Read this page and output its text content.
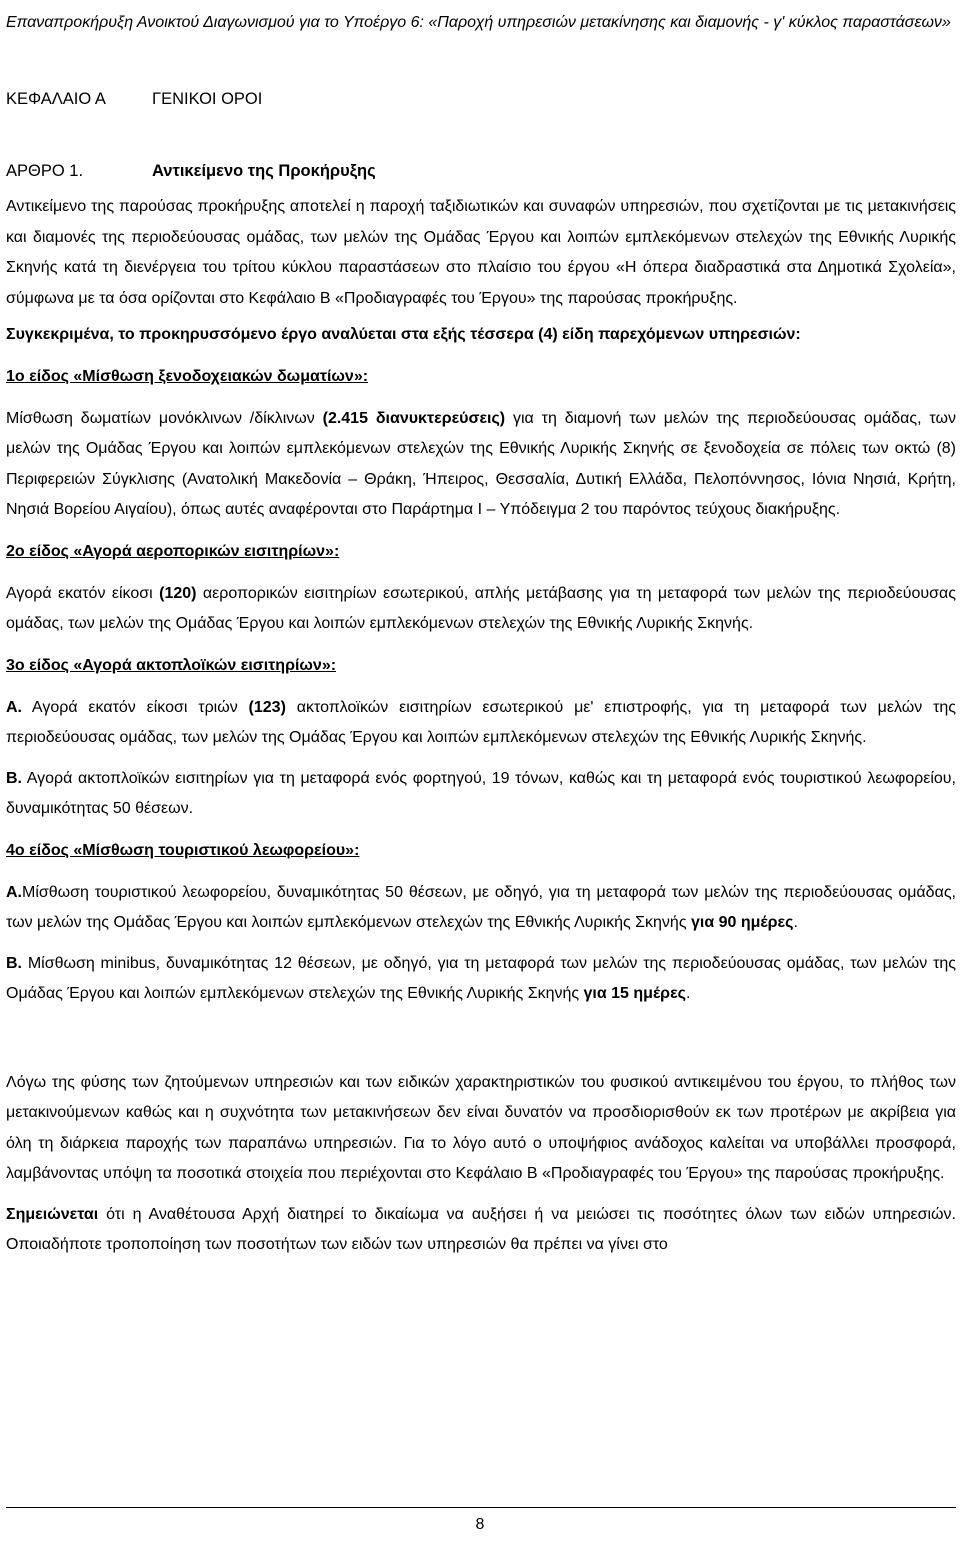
Επαναπροκήρυξη Ανοικτού Διαγωνισμού για το Υποέργο 6: «Παροχή υπηρεσιών μετακίνησης και διαμονής - γ' κύκλος παραστάσεων»
ΚΕΦΑΛΑΙΟ Α	ΓΕΝΙΚΟΙ ΟΡΟΙ
ΑΡΘΡΟ 1.	Αντικείμενο της Προκήρυξης

Αντικείμενο της παρούσας προκήρυξης αποτελεί η παροχή ταξιδιωτικών και συναφών υπηρεσιών, που σχετίζονται με τις μετακινήσεις και διαμονές της περιοδεύουσας ομάδας, των μελών της Ομάδας Έργου και λοιπών εμπλεκόμενων στελεχών της Εθνικής Λυρικής Σκηνής κατά τη διενέργεια του τρίτου κύκλου παραστάσεων στο πλαίσιο του έργου «Η όπερα διαδραστικά στα Δημοτικά Σχολεία», σύμφωνα με τα όσα ορίζονται στο Κεφάλαιο Β «Προδιαγραφές του Έργου» της παρούσας προκήρυξης.

Συγκεκριμένα, το προκηρυσσόμενο έργο αναλύεται στα εξής τέσσερα (4) είδη παρεχόμενων υπηρεσιών:

1ο είδος «Μίσθωση ξενοδοχειακών δωματίων»:

Μίσθωση δωματίων μονόκλινων /δίκλινων (2.415 διανυκτερεύσεις) για τη διαμονή των μελών της περιοδεύουσας ομάδας, των μελών της Ομάδας Έργου και λοιπών εμπλεκόμενων στελεχών της Εθνικής Λυρικής Σκηνής σε ξενοδοχεία σε πόλεις των οκτώ (8) Περιφερειών Σύγκλισης (Ανατολική Μακεδονία – Θράκη, Ήπειρος, Θεσσαλία, Δυτική Ελλάδα, Πελοπόννησος, Ιόνια Νησιά, Κρήτη, Νησιά Βορείου Αιγαίου), όπως αυτές αναφέρονται στο Παράρτημα Ι – Υπόδειγμα 2 του παρόντος τεύχους διακήρυξης.

2ο είδος «Αγορά αεροπορικών εισιτηρίων»:

Αγορά εκατόν είκοσι (120) αεροπορικών εισιτηρίων εσωτερικού, απλής μετάβασης για τη μεταφορά των μελών της περιοδεύουσας ομάδας, των μελών της Ομάδας Έργου και λοιπών εμπλεκόμενων στελεχών της Εθνικής Λυρικής Σκηνής.

3ο είδος «Αγορά ακτοπλοϊκών εισιτηρίων»:

Α. Αγορά εκατόν είκοσι τριών (123) ακτοπλοϊκών εισιτηρίων εσωτερικού με' επιστροφής, για τη μεταφορά των μελών της περιοδεύουσας ομάδας, των μελών της Ομάδας Έργου και λοιπών εμπλεκόμενων στελεχών της Εθνικής Λυρικής Σκηνής.

Β. Αγορά ακτοπλοϊκών εισιτηρίων για τη μεταφορά ενός φορτηγού, 19 τόνων, καθώς και τη μεταφορά ενός τουριστικού λεωφορείου, δυναμικότητας 50 θέσεων.

4ο είδος «Μίσθωση τουριστικού λεωφορείου»:

Α.Μίσθωση τουριστικού λεωφορείου, δυναμικότητας 50 θέσεων, με οδηγό, για τη μεταφορά των μελών της περιοδεύουσας ομάδας, των μελών της Ομάδας Έργου και λοιπών εμπλεκόμενων στελεχών της Εθνικής Λυρικής Σκηνής για 90 ημέρες.

Β. Μίσθωση minibus, δυναμικότητας 12 θέσεων, με οδηγό, για τη μεταφορά των μελών της περιοδεύουσας ομάδας, των μελών της Ομάδας Έργου και λοιπών εμπλεκόμενων στελεχών της Εθνικής Λυρικής Σκηνής για 15 ημέρες.

Λόγω της φύσης των ζητούμενων υπηρεσιών και των ειδικών χαρακτηριστικών του φυσικού αντικειμένου του έργου, το πλήθος των μετακινούμενων καθώς και η συχνότητα των μετακινήσεων δεν είναι δυνατόν να προσδιορισθούν εκ των προτέρων με ακρίβεια για όλη τη διάρκεια παροχής των παραπάνω υπηρεσιών. Για το λόγο αυτό ο υποψήφιος ανάδοχος καλείται να υποβάλλει προσφορά, λαμβάνοντας υπόψη τα ποσοτικά στοιχεία που περιέχονται στο Κεφάλαιο Β «Προδιαγραφές του Έργου» της παρούσας προκήρυξης.

Σημειώνεται ότι η Αναθέτουσα Αρχή διατηρεί το δικαίωμα να αυξήσει ή να μειώσει τις ποσότητες όλων των ειδών υπηρεσιών. Οποιαδήποτε τροποποίηση των ποσοτήτων των ειδών των υπηρεσιών θα πρέπει να γίνει στο

8
